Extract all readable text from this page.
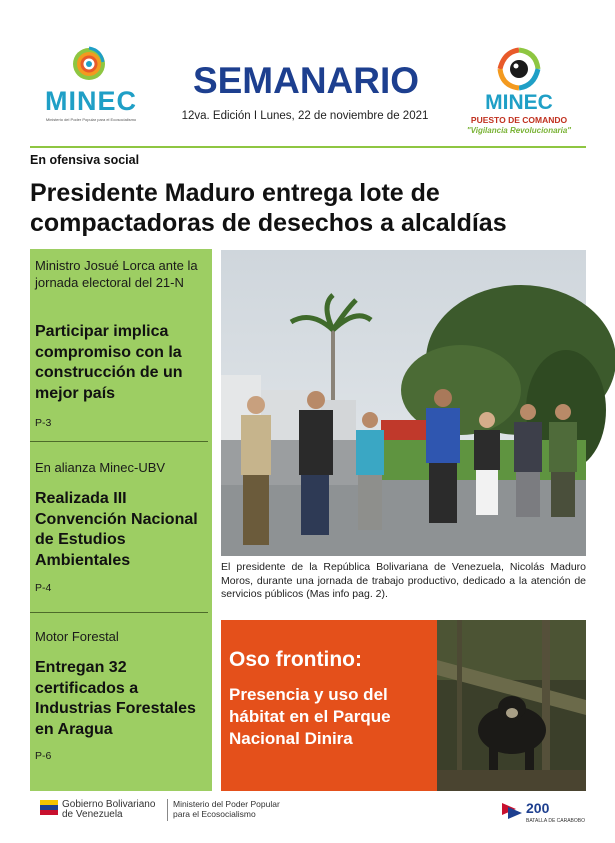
MINEC
Ministerio del Poder Popular para el Ecosocialismo
SEMANARIO
12va. Edición I Lunes, 22 de noviembre de 2021
MINEC
PUESTO DE COMANDO
"Vigilancia Revolucionaria"
En ofensiva social
Presidente Maduro entrega lote de compactadoras de desechos a alcaldías
Ministro Josué Lorca ante la jornada electoral del 21-N
Participar implica compromiso con la construcción de un mejor país
P-3
En alianza Minec-UBV
Realizada III Convención Nacional de Estudios Ambientales
P-4
Motor Forestal
Entregan 32 certificados a Industrias Forestales en Aragua
P-6
El presidente de la República Bolivariana de Venezuela, Nicolás Maduro Moros, durante una jornada de trabajo productivo, dedicado a la atención de servicios públicos (Mas info pag. 2).
Oso frontino:
Presencia y uso del hábitat en el Parque Nacional Dinira
Gobierno Bolivariano
de Venezuela
Ministerio del Poder Popular
para el Ecosocialismo	200
BATALLA DE CARABOBO
